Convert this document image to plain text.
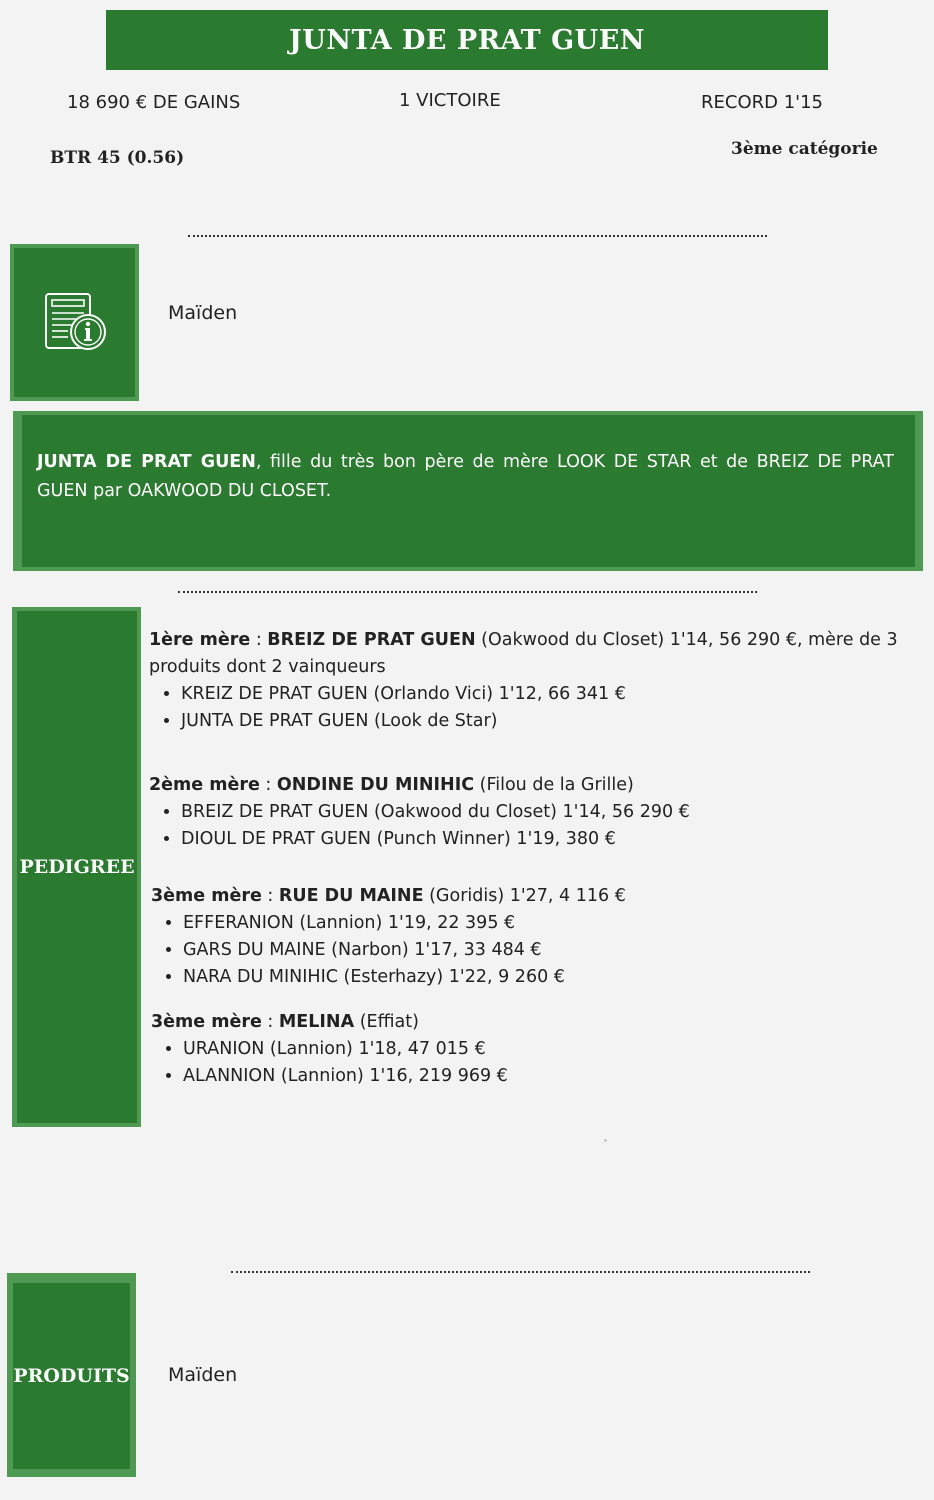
JUNTA DE PRAT GUEN
18 690 € DE GAINS	1 VICTOIRE	RECORD 1'15
BTR 45 (0.56)	3ème catégorie
Maïden
JUNTA DE PRAT GUEN, fille du très bon père de mère LOOK DE STAR et de BREIZ DE PRAT GUEN par OAKWOOD DU CLOSET.
PEDIGREE

1ère mère : BREIZ DE PRAT GUEN (Oakwood du Closet) 1'14, 56 290 €, mère de 3 produits dont 2 vainqueurs

• KREIZ DE PRAT GUEN (Orlando Vici) 1'12, 66 341 €
• JUNTA DE PRAT GUEN (Look de Star)

2ème mère : ONDINE DU MINIHIC (Filou de la Grille)

• BREIZ DE PRAT GUEN (Oakwood du Closet) 1'14, 56 290 €
• DIOUL DE PRAT GUEN (Punch Winner) 1'19, 380 €

3ème mère : RUE DU MAINE (Goridis) 1'27, 4 116 €

• EFFERANION (Lannion) 1'19, 22 395 €
• GARS DU MAINE (Narbon) 1'17, 33 484 €
• NARA DU MINIHIC (Esterhazy) 1'22, 9 260 €

3ème mère : MELINA (Effiat)

• URANION (Lannion) 1'18, 47 015 €
• ALANNION (Lannion) 1'16, 219 969 €
PRODUITS Maïden
